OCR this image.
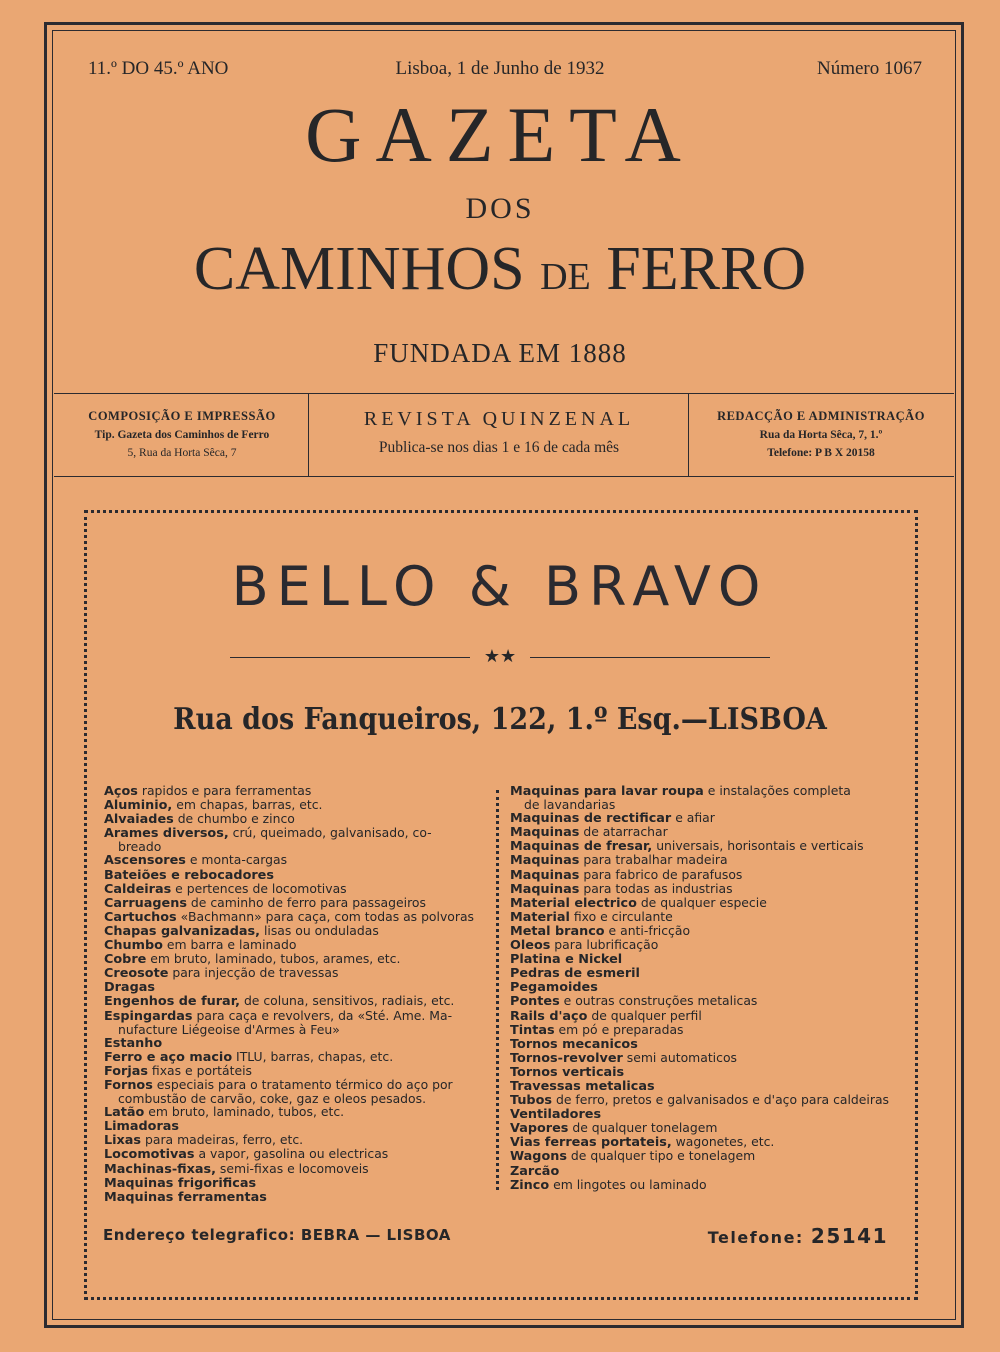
11.º DO 45.º ANO	Lisboa, 1 de Junho de 1932	Número 1067
GAZETA
DOS
CAMINHOS DE FERRO
FUNDADA EM 1888
COMPOSIÇÃO E IMPRESSÃO
Tip. Gazeta dos Caminhos de Ferro
5, Rua da Horta Sêca, 7
REVISTA QUINZENAL
Publica-se nos dias 1 e 16 de cada mês
REDACÇÃO E ADMINISTRAÇÃO
Rua da Horta Sêca, 7, 1.º
Telefone: P B X 20158
BELLO & BRAVO
★★
Rua dos Fanqueiros, 122, 1.º Esq.—LISBOA
Aços rapidos e para ferramentas
Aluminio, em chapas, barras, etc.
Alvaiades de chumbo e zinco
Arames diversos, crú, queimado, galvanisado, co-
breado
Ascensores e monta-cargas
Bateiões e rebocadores
Caldeiras e pertences de locomotivas
Carruagens de caminho de ferro para passageiros
Cartuchos «Bachmann» para caça, com todas as polvoras
Chapas galvanizadas, lisas ou onduladas
Chumbo em barra e laminado
Cobre em bruto, laminado, tubos, arames, etc.
Creosote para injecção de travessas
Dragas
Engenhos de furar, de coluna, sensitivos, radiais, etc.
Espingardas para caça e revolvers, da «Sté. Ame. Ma-
nufacture Liégeoise d'Armes à Feu»
Estanho
Ferro e aço macio ITLU, barras, chapas, etc.
Forjas fixas e portáteis
Fornos especiais para o tratamento térmico do aço por
combustão de carvão, coke, gaz e oleos pesados.
Latão em bruto, laminado, tubos, etc.
Limadoras
Lixas para madeiras, ferro, etc.
Locomotivas a vapor, gasolina ou electricas
Machinas-fixas, semi-fixas e locomoveis
Maquinas frigorificas
Maquinas ferramentas
Maquinas para lavar roupa e instalações completa
de lavandarias
Maquinas de rectificar e afiar
Maquinas de atarrachar
Maquinas de fresar, universais, horisontais e verticais
Maquinas para trabalhar madeira
Maquinas para fabrico de parafusos
Maquinas para todas as industrias
Material electrico de qualquer especie
Material fixo e circulante
Metal branco e anti-fricção
Oleos para lubrificação
Platina e Nickel
Pedras de esmeril
Pegamoides
Pontes e outras construções metalicas
Rails d'aço de qualquer perfil
Tintas em pó e preparadas
Tornos mecanicos
Tornos-revolver semi automaticos
Tornos verticais
Travessas metalicas
Tubos de ferro, pretos e galvanisados e d'aço para caldeiras
Ventiladores
Vapores de qualquer tonelagem
Vias ferreas portateis, wagonetes, etc.
Wagons de qualquer tipo e tonelagem
Zarcão
Zinco em lingotes ou laminado
Endereço telegrafico: BEBRA — LISBOA	Telefone: 25141
